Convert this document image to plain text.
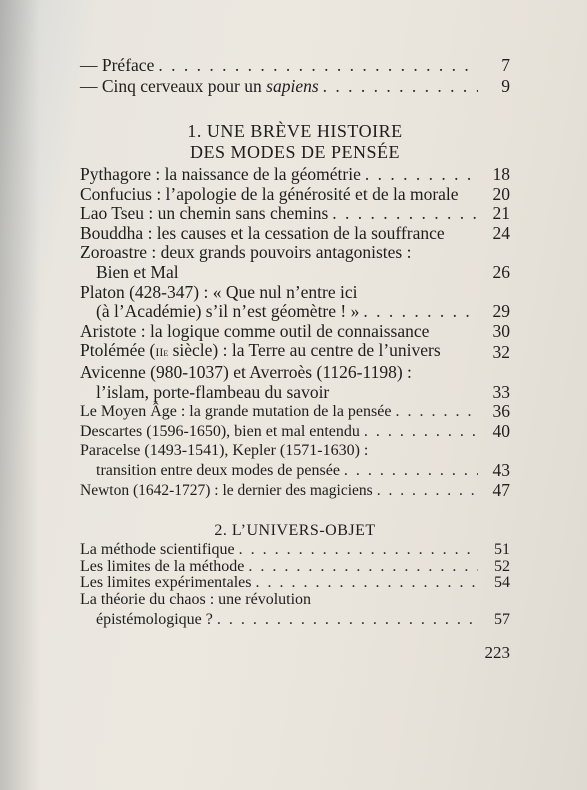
— Préface . . .	7
— Cinq cerveaux pour un sapiens . . .	9
1. UNE BRÈVE HISTOIRE
DES MODES DE PENSÉE
Pythagore : la naissance de la géométrie . . .	18
Confucius : l’apologie de la générosité et de la morale	20
Lao Tseu : un chemin sans chemins . . .	21
Bouddha : les causes et la cessation de la souffrance	24
Zoroastre : deux grands pouvoirs antagonistes :
Bien et Mal	26
Platon (428-347) : « Que nul n’entre ici
(à l’Académie) s’il n’est géomètre ! » . . .	29
Aristote : la logique comme outil de connaissance	30
Ptolémée (IIe siècle) : la Terre au centre de l’univers	32
Avicenne (980-1037) et Averroès (1126-1198) :
l’islam, porte-flambeau du savoir	33
Le Moyen Âge : la grande mutation de la pensée . . .	36
Descartes (1596-1650), bien et mal entendu . . .	40
Paracelse (1493-1541), Kepler (1571-1630) :
transition entre deux modes de pensée . . .	43
Newton (1642-1727) : le dernier des magiciens . . .	47
2. L’UNIVERS-OBJET
La méthode scientifique . . .	51
Les limites de la méthode . . .	52
Les limites expérimentales . . .	54
La théorie du chaos : une révolution
épistémologique ? . . .	57
223
